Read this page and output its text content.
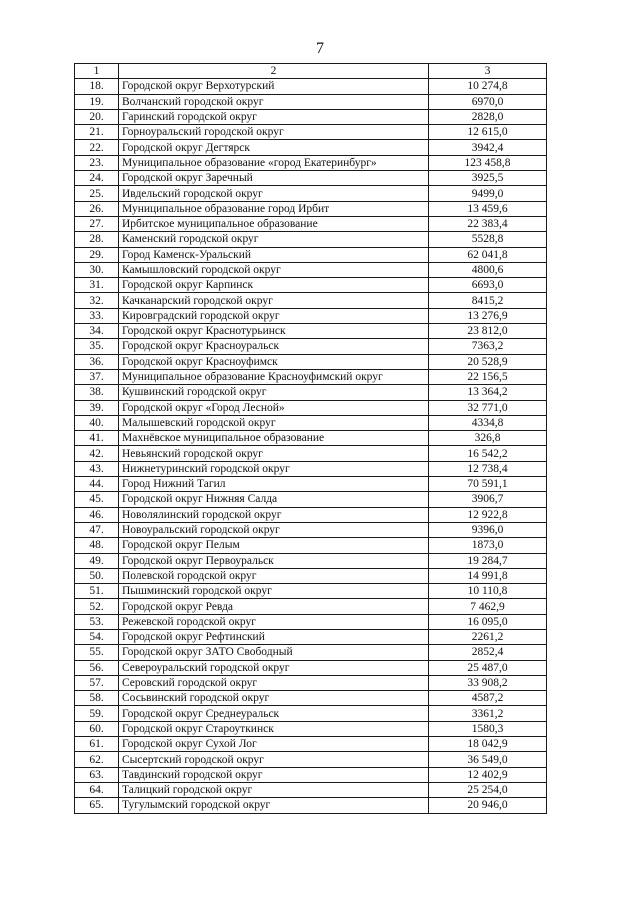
7
1	2	3
18.	Городской округ Верхотурский	10 274,8
19.	Волчанский городской округ	6970,0
20.	Гаринский городской округ	2828,0
21.	Горноуральский городской округ	12 615,0
22.	Городской округ Дегтярск	3942,4
23.	Муниципальное образование «город Екатеринбург»	123 458,8
24.	Городской округ Заречный	3925,5
25.	Ивдельский городской округ	9499,0
26.	Муниципальное образование город Ирбит	13 459,6
27.	Ирбитское муниципальное образование	22 383,4
28.	Каменский городской округ	5528,8
29.	Город Каменск-Уральский	62 041,8
30.	Камышловский городской округ	4800,6
31.	Городской округ Карпинск	6693,0
32.	Качканарский городской округ	8415,2
33.	Кировградский городской округ	13 276,9
34.	Городской округ Краснотурьинск	23 812,0
35.	Городской округ Красноуральск	7363,2
36.	Городской округ Красноуфимск	20 528,9
37.	Муниципальное образование Красноуфимский округ	22 156,5
38.	Кушвинский городской округ	13 364,2
39.	Городской округ «Город Лесной»	32 771,0
40.	Малышевский городской округ	4334,8
41.	Махнёвское муниципальное образование	326,8
42.	Невьянский городской округ	16 542,2
43.	Нижнетуринский городской округ	12 738,4
44.	Город Нижний Тагил	70 591,1
45.	Городской округ Нижняя Салда	3906,7
46.	Новолялинский городской округ	12 922,8
47.	Новоуральский городской округ	9396,0
48.	Городской округ Пелым	1873,0
49.	Городской округ Первоуральск	19 284,7
50.	Полевской городской округ	14 991,8
51.	Пышминский городской округ	10 110,8
52.	Городской округ Ревда	7 462,9
53.	Режевской городской округ	16 095,0
54.	Городской округ Рефтинский	2261,2
55.	Городской округ ЗАТО Свободный	2852,4
56.	Североуральский городской округ	25 487,0
57.	Серовский городской округ	33 908,2
58.	Сосьвинский городской округ	4587,2
59.	Городской округ Среднеуральск	3361,2
60.	Городской округ Староуткинск	1580,3
61.	Городской округ Сухой Лог	18 042,9
62.	Сысертский городской округ	36 549,0
63.	Тавдинский городской округ	12 402,9
64.	Талицкий городской округ	25 254,0
65.	Тугулымский городской округ	20 946,0
